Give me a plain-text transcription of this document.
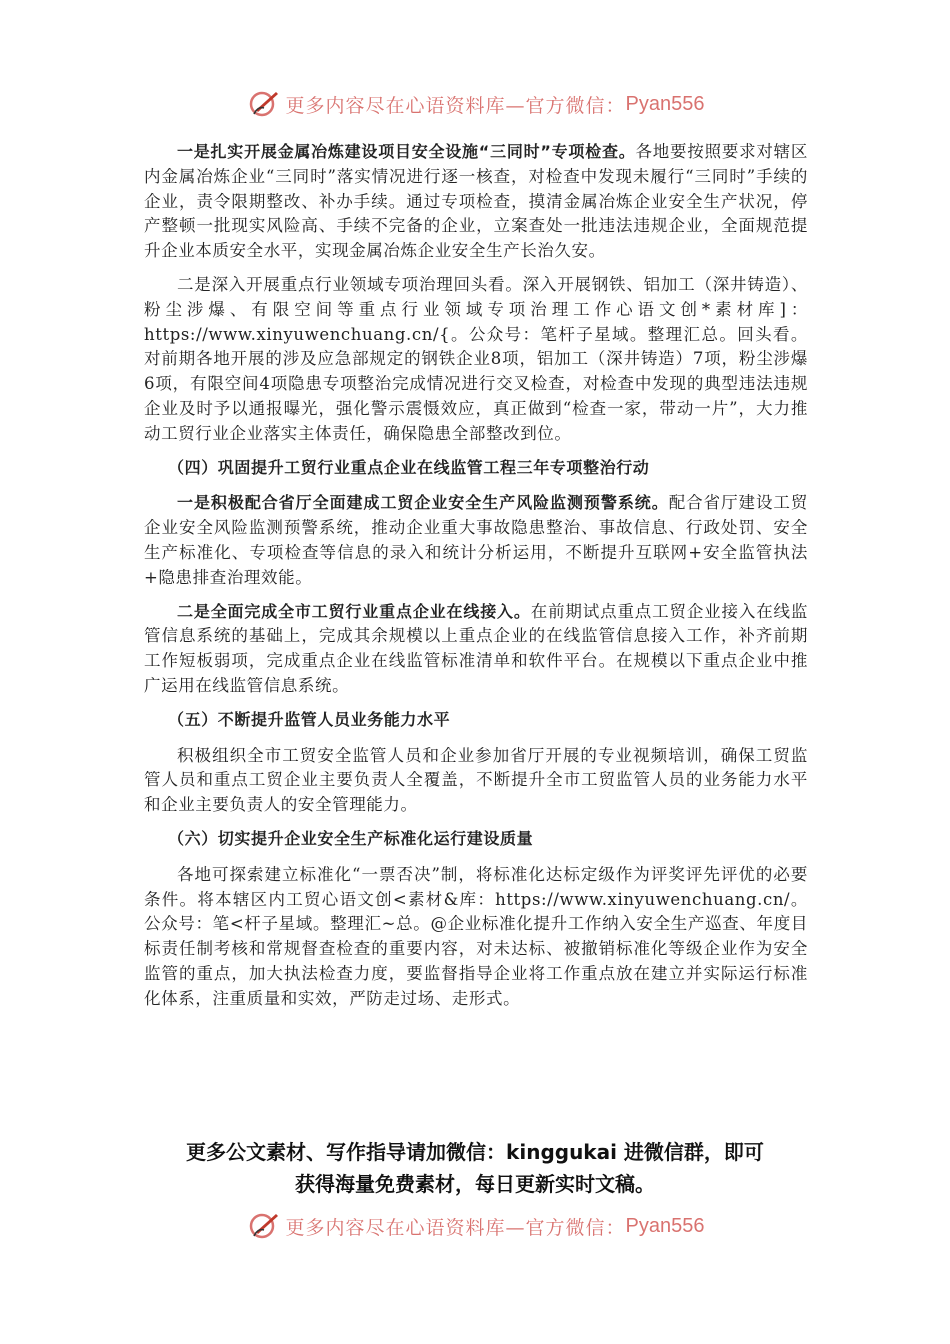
更多内容尽在心语资料库—官方微信： Pyan556

一是扎实开展金属冶炼建设项目安全设施“三同时”专项检查。各地要按照要求对辖区内金属冶炼企业“三同时”落实情况进行逐一核查，对检查中发现未履行“三同时”手续的企业，责令限期整改、补办手续。通过专项检查，摸清金属冶炼企业安全生产状况，停产整顿一批现实风险高、手续不完备的企业，立案查处一批违法违规企业，全面规范提升企业本质安全水平，实现金属冶炼企业安全生产长治久安。

二是深入开展重点行业领域专项治理回头看。深入开展钢铁、铝加工（深井铸造）、粉尘涉爆、有限空间等重点行业领域专项治理工作心语文创*素材库]：https://www.xinyuwenchuang.cn/{。公众号：笔杆子星域。整理汇总。回头看。对前期各地开展的涉及应急部规定的钢铁企业8项，铝加工（深井铸造）7项，粉尘涉爆6项，有限空间4项隐患专项整治完成情况进行交叉检查，对检查中发现的典型违法违规企业及时予以通报曝光，强化警示震慑效应，真正做到“检查一家，带动一片”，大力推动工贸行业企业落实主体责任，确保隐患全部整改到位。

（四）巩固提升工贸行业重点企业在线监管工程三年专项整治行动

一是积极配合省厅全面建成工贸企业安全生产风险监测预警系统。配合省厅建设工贸企业安全风险监测预警系统，推动企业重大事故隐患整治、事故信息、行政处罚、安全生产标准化、专项检查等信息的录入和统计分析运用，不断提升互联网+安全监管执法+隐患排查治理效能。

二是全面完成全市工贸行业重点企业在线接入。在前期试点重点工贸企业接入在线监管信息系统的基础上，完成其余规模以上重点企业的在线监管信息接入工作，补齐前期工作短板弱项，完成重点企业在线监管标准清单和软件平台。在规模以下重点企业中推广运用在线监管信息系统。

（五）不断提升监管人员业务能力水平

积极组织全市工贸安全监管人员和企业参加省厅开展的专业视频培训，确保工贸监管人员和重点工贸企业主要负责人全覆盖，不断提升全市工贸监管人员的业务能力水平和企业主要负责人的安全管理能力。

（六）切实提升企业安全生产标准化运行建设质量

各地可探索建立标准化“一票否决”制，将标准化达标定级作为评奖评先评优的必要条件。将本辖区内工贸心语文创<素材&库：https://www.xinyuwenchuang.cn/。公众号：笔<杆子星域。整理汇~总。@企业标准化提升工作纳入安全生产巡查、年度目标责任制考核和常规督查检查的重要内容，对未达标、被撤销标准化等级企业作为安全监管的重点，加大执法检查力度，要监督指导企业将工作重点放在建立并实际运行标准化体系，注重质量和实效，严防走过场、走形式。

更多公文素材、写作指导请加微信：kinggukai 进微信群，即可
获得海量免费素材，每日更新实时文稿。
更多内容尽在心语资料库—官方微信： Pyan556
